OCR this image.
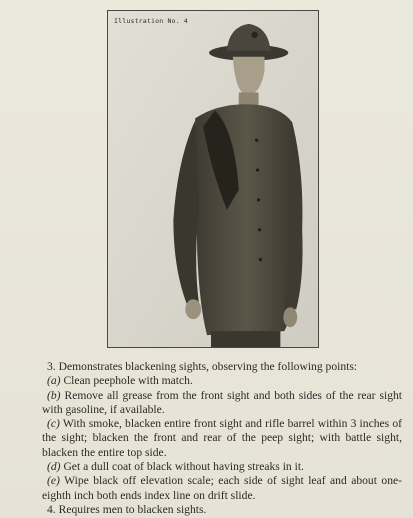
Illustration No. 4

3. Demonstrates blackening sights, observing the following points:

(a) Clean peephole with match.

(b) Remove all grease from the front sight and both sides of the rear sight with gasoline, if available.

(c) With smoke, blacken entire front sight and rifle barrel within 3 inches of the sight; blacken the front and rear of the peep sight; with battle sight, blacken the entire top side.

(d) Get a dull coat of black without having streaks in it.

(e) Wipe black off elevation scale; each side of sight leaf and about one-eighth inch both ends index line on drift slide.

4. Requires men to blacken sights.
